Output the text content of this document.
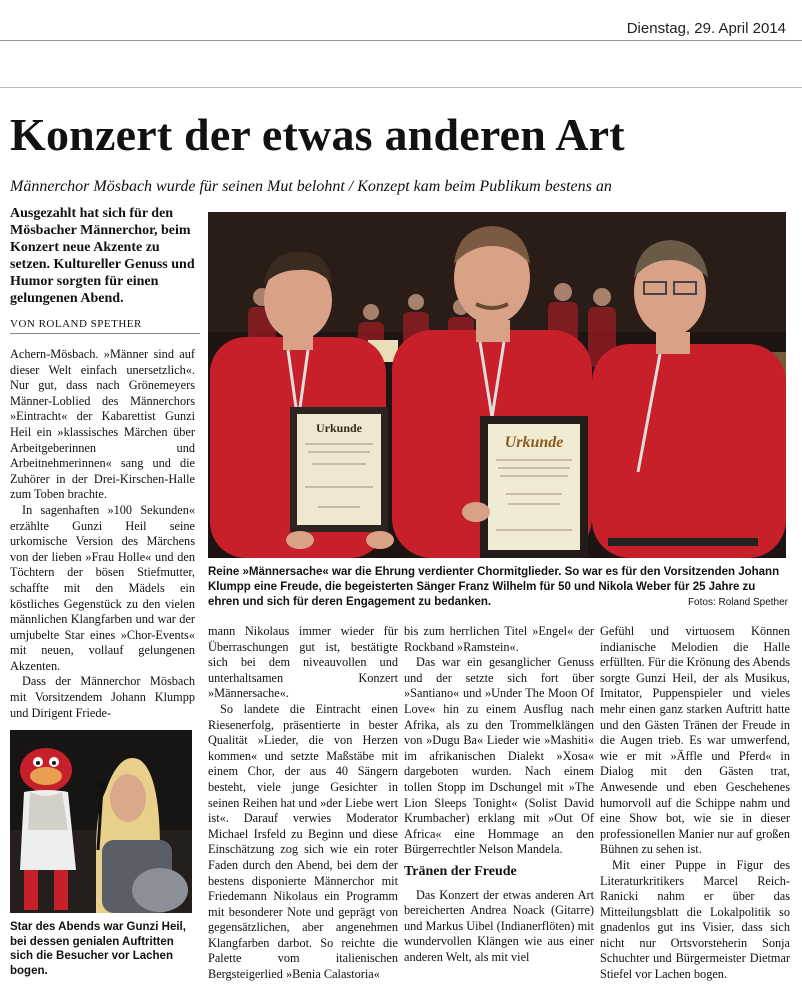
Dienstag, 29. April 2014
Konzert der etwas anderen Art
Männerchor Mösbach wurde für seinen Mut belohnt / Konzept kam beim Publikum bestens an
Ausgezahlt hat sich für den Mösbacher Männerchor, beim Konzert neue Akzente zu setzen. Kultureller Genuss und Humor sorgten für einen gelungenen Abend.
VON ROLAND SPETHER
Urkunde
Urkunde
Reine »Männersache« war die Ehrung verdienter Chormitglieder. So war es für den Vorsitzenden Johann Klumpp eine Freude, die begeisterten Sänger Franz Wilhelm für 50 und Nikola Weber für 25 Jahre zu ehren und sich für deren Engagement zu bedanken.	Fotos: Roland Spether
Star des Abends war Gunzi Heil, bei dessen genialen Auftritten sich die Besucher vor Lachen bogen.

Achern-Mösbach. »Männer sind auf dieser Welt einfach unersetzlich«. Nur gut, dass nach Grönemeyers Männer-Loblied des Männerchors »Eintracht« der Kabarettist Gunzi Heil ein »klassisches Märchen über Arbeitgeberinnen und Arbeitnehmerinnen« sang und die Zuhörer in der Drei-Kirschen-Halle zum Toben brachte.

In sagenhaften »100 Sekunden« erzählte Gunzi Heil seine urkomische Version des Märchens von der lieben »Frau Holle« und den Töchtern der bösen Stiefmutter, schaffte mit den Mädels ein köstliches Gegenstück zu den vielen männlichen Klangfarben und war der umjubelte Star eines »Chor-Events« mit neuen, vollauf gelungenen Akzenten.

Dass der Männerchor Mösbach mit Vorsitzendem Johann Klumpp und Dirigent Friede-

mann Nikolaus immer wieder für Überraschungen gut ist, bestätigte sich bei dem niveauvollen und unterhaltsamen Konzert »Männersache«.

So landete die Eintracht einen Riesenerfolg, präsentierte in bester Qualität »Lieder, die von Herzen kommen« und setzte Maßstäbe mit einem Chor, der aus 40 Sängern besteht, viele junge Gesichter in seinen Reihen hat und »der Liebe wert ist«. Darauf verwies Moderator Michael Irsfeld zu Beginn und diese Einschätzung zog sich wie ein roter Faden durch den Abend, bei dem der bestens disponierte Männerchor mit Friedemann Nikolaus ein Programm mit besonderer Note und geprägt von gegensätzlichen, aber angenehmen Klangfarben darbot. So reichte die Palette vom italienischen Bergsteigerlied »Benia Calastoria«

bis zum herrlichen Titel »Engel« der Rockband »Ramstein«.

Das war ein gesanglicher Genuss und der setzte sich fort über »Santiano« und »Under The Moon Of Love« hin zu einem Ausflug nach Afrika, als zu den Trommelklängen von »Dugu Ba« Lieder wie »Mashiti« im afrikanischen Dialekt »Xosa« dargeboten wurden. Nach einem tollen Stopp im Dschungel mit »The Lion Sleeps Tonight« (Solist David Krumbacher) erklang mit »Out Of Africa« eine Hommage an den Bürgerrechtler Nelson Mandela.

Tränen der Freude

Das Konzert der etwas anderen Art bereicherten Andrea Noack (Gitarre) und Markus Uibel (Indianerflöten) mit wundervollen Klängen wie aus einer anderen Welt, als mit viel

Gefühl und virtuosem Können indianische Melodien die Halle erfüllten. Für die Krönung des Abends sorgte Gunzi Heil, der als Musikus, Imitator, Puppenspieler und vieles mehr einen ganz starken Auftritt hatte und den Gästen Tränen der Freude in die Augen trieb. Es war umwerfend, wie er mit »Äffle und Pferd« in Dialog mit den Gästen trat, Anwesende und eben Geschehenes humorvoll auf die Schippe nahm und eine Show bot, wie sie in dieser professionellen Manier nur auf großen Bühnen zu sehen ist.

Mit einer Puppe in Figur des Literaturkritikers Marcel Reich-Ranicki nahm er über das Mitteilungsblatt die Lokalpolitik so gnadenlos gut ins Visier, dass sich nicht nur Ortsvorsteherin Sonja Schuchter und Bürgermeister Dietmar Stiefel vor Lachen bogen.
